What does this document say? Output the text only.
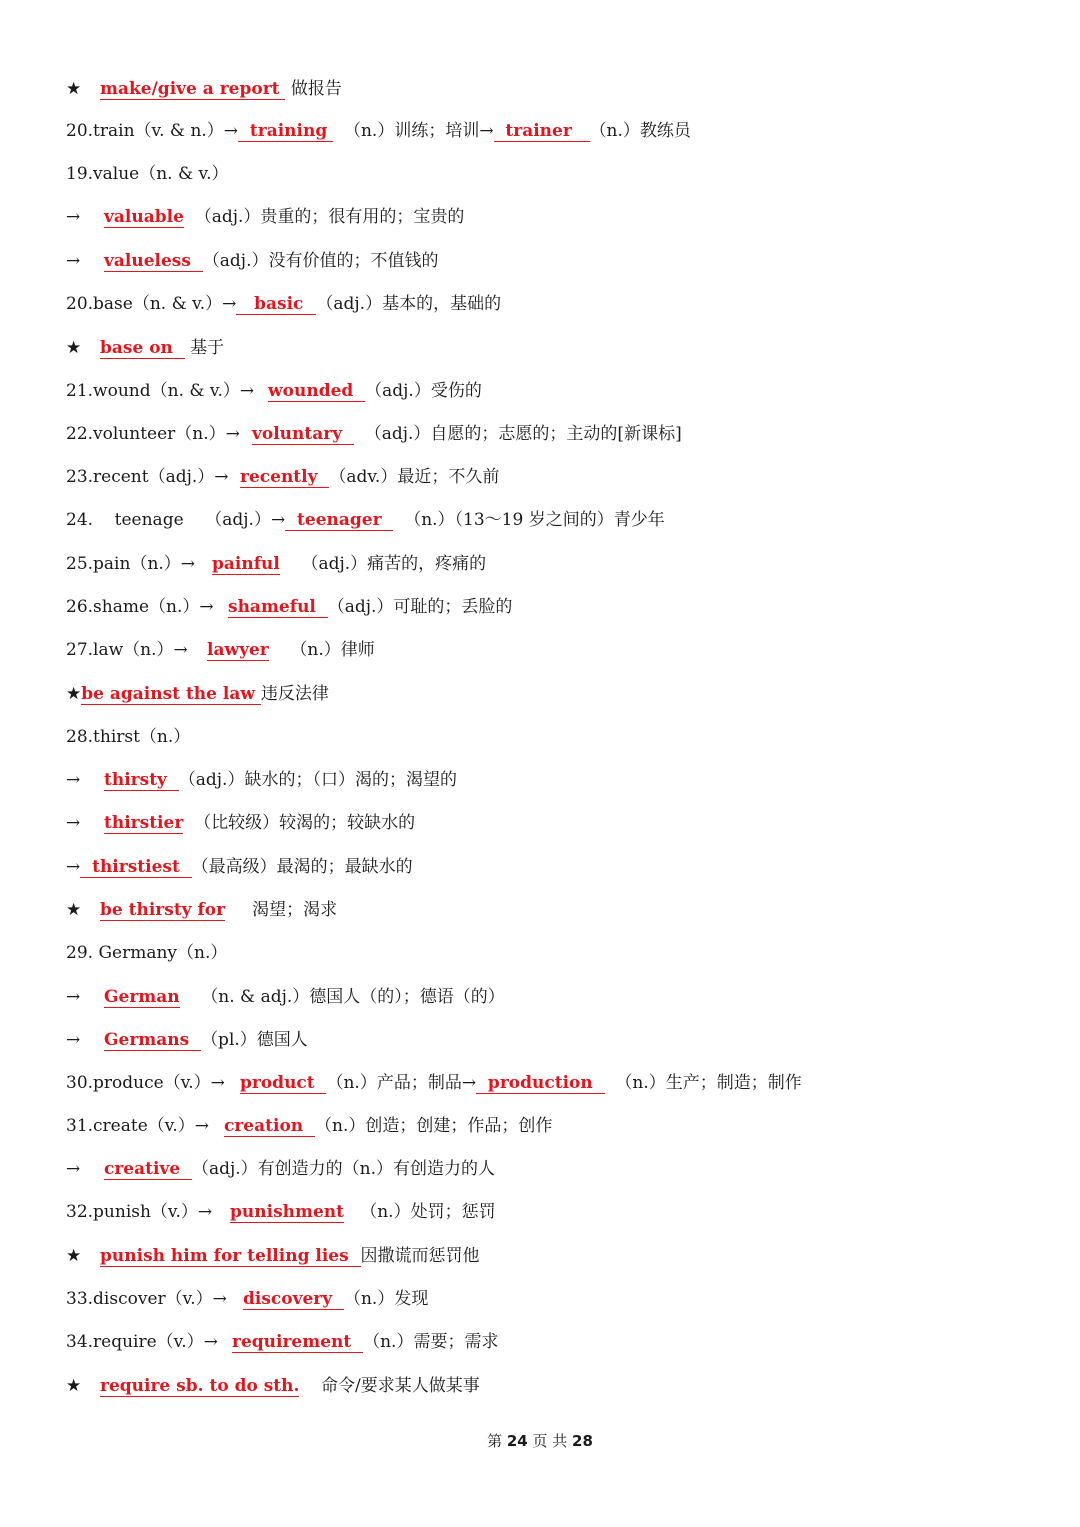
★ make/give a report  做报告
20.train（v. & n.）→  training   （n.）训练；培训→  trainer  （n.）教练员
19.value（n. & v.）
→ valuable  （adj.）贵重的；很有用的；宝贵的
→ valueless  （adj.）没有价值的；不值钱的
20.base（n. & v.）→   basic  （adj.）基本的，基础的
★ base on   基于
21.wound（n. & v.）→ wounded  （adj.）受伤的
22.volunteer（n.）→ voluntary    （adj.）自愿的；志愿的；主动的[新课标]
23.recent（adj.）→ recently  （adv.）最近；不久前
24.    teenage    （adj.）→  teenager    （n.）（13～19 岁之间的）青少年
25.pain（n.）→ painful    （adj.）痛苦的，疼痛的
26.shame（n.）→ shameful  （adj.）可耻的；丢脸的
27.law（n.）→ lawyer    （n.）律师
★be against the law 违反法律
28.thirst（n.）
→ thirsty  （adj.）缺水的；（口）渴的；渴望的
→ thirstier  （比较级）较渴的；较缺水的
→  thirstiest  （最高级）最渴的；最缺水的
★ be thirsty for     渴望；渴求
29. Germany（n.）
→ German    （n. & adj.）德国人（的）；德语（的）
→ Germans  （pl.）德国人
30.produce（v.）→ product  （n.）产品；制品→  production    （n.）生产；制造；制作
31.create（v.）→ creation  （n.）创造；创建；作品；创作
→ creative  （adj.）有创造力的（n.）有创造力的人
32.punish（v.）→ punishment   （n.）处罚；惩罚
★ punish him for telling lies  因撒谎而惩罚他
33.discover（v.）→ discovery  （n.）发现
34.require（v.）→ requirement  （n.）需要；需求
★ require sb. to do sth.    命令/要求某人做某事
第 24 页 共 28
